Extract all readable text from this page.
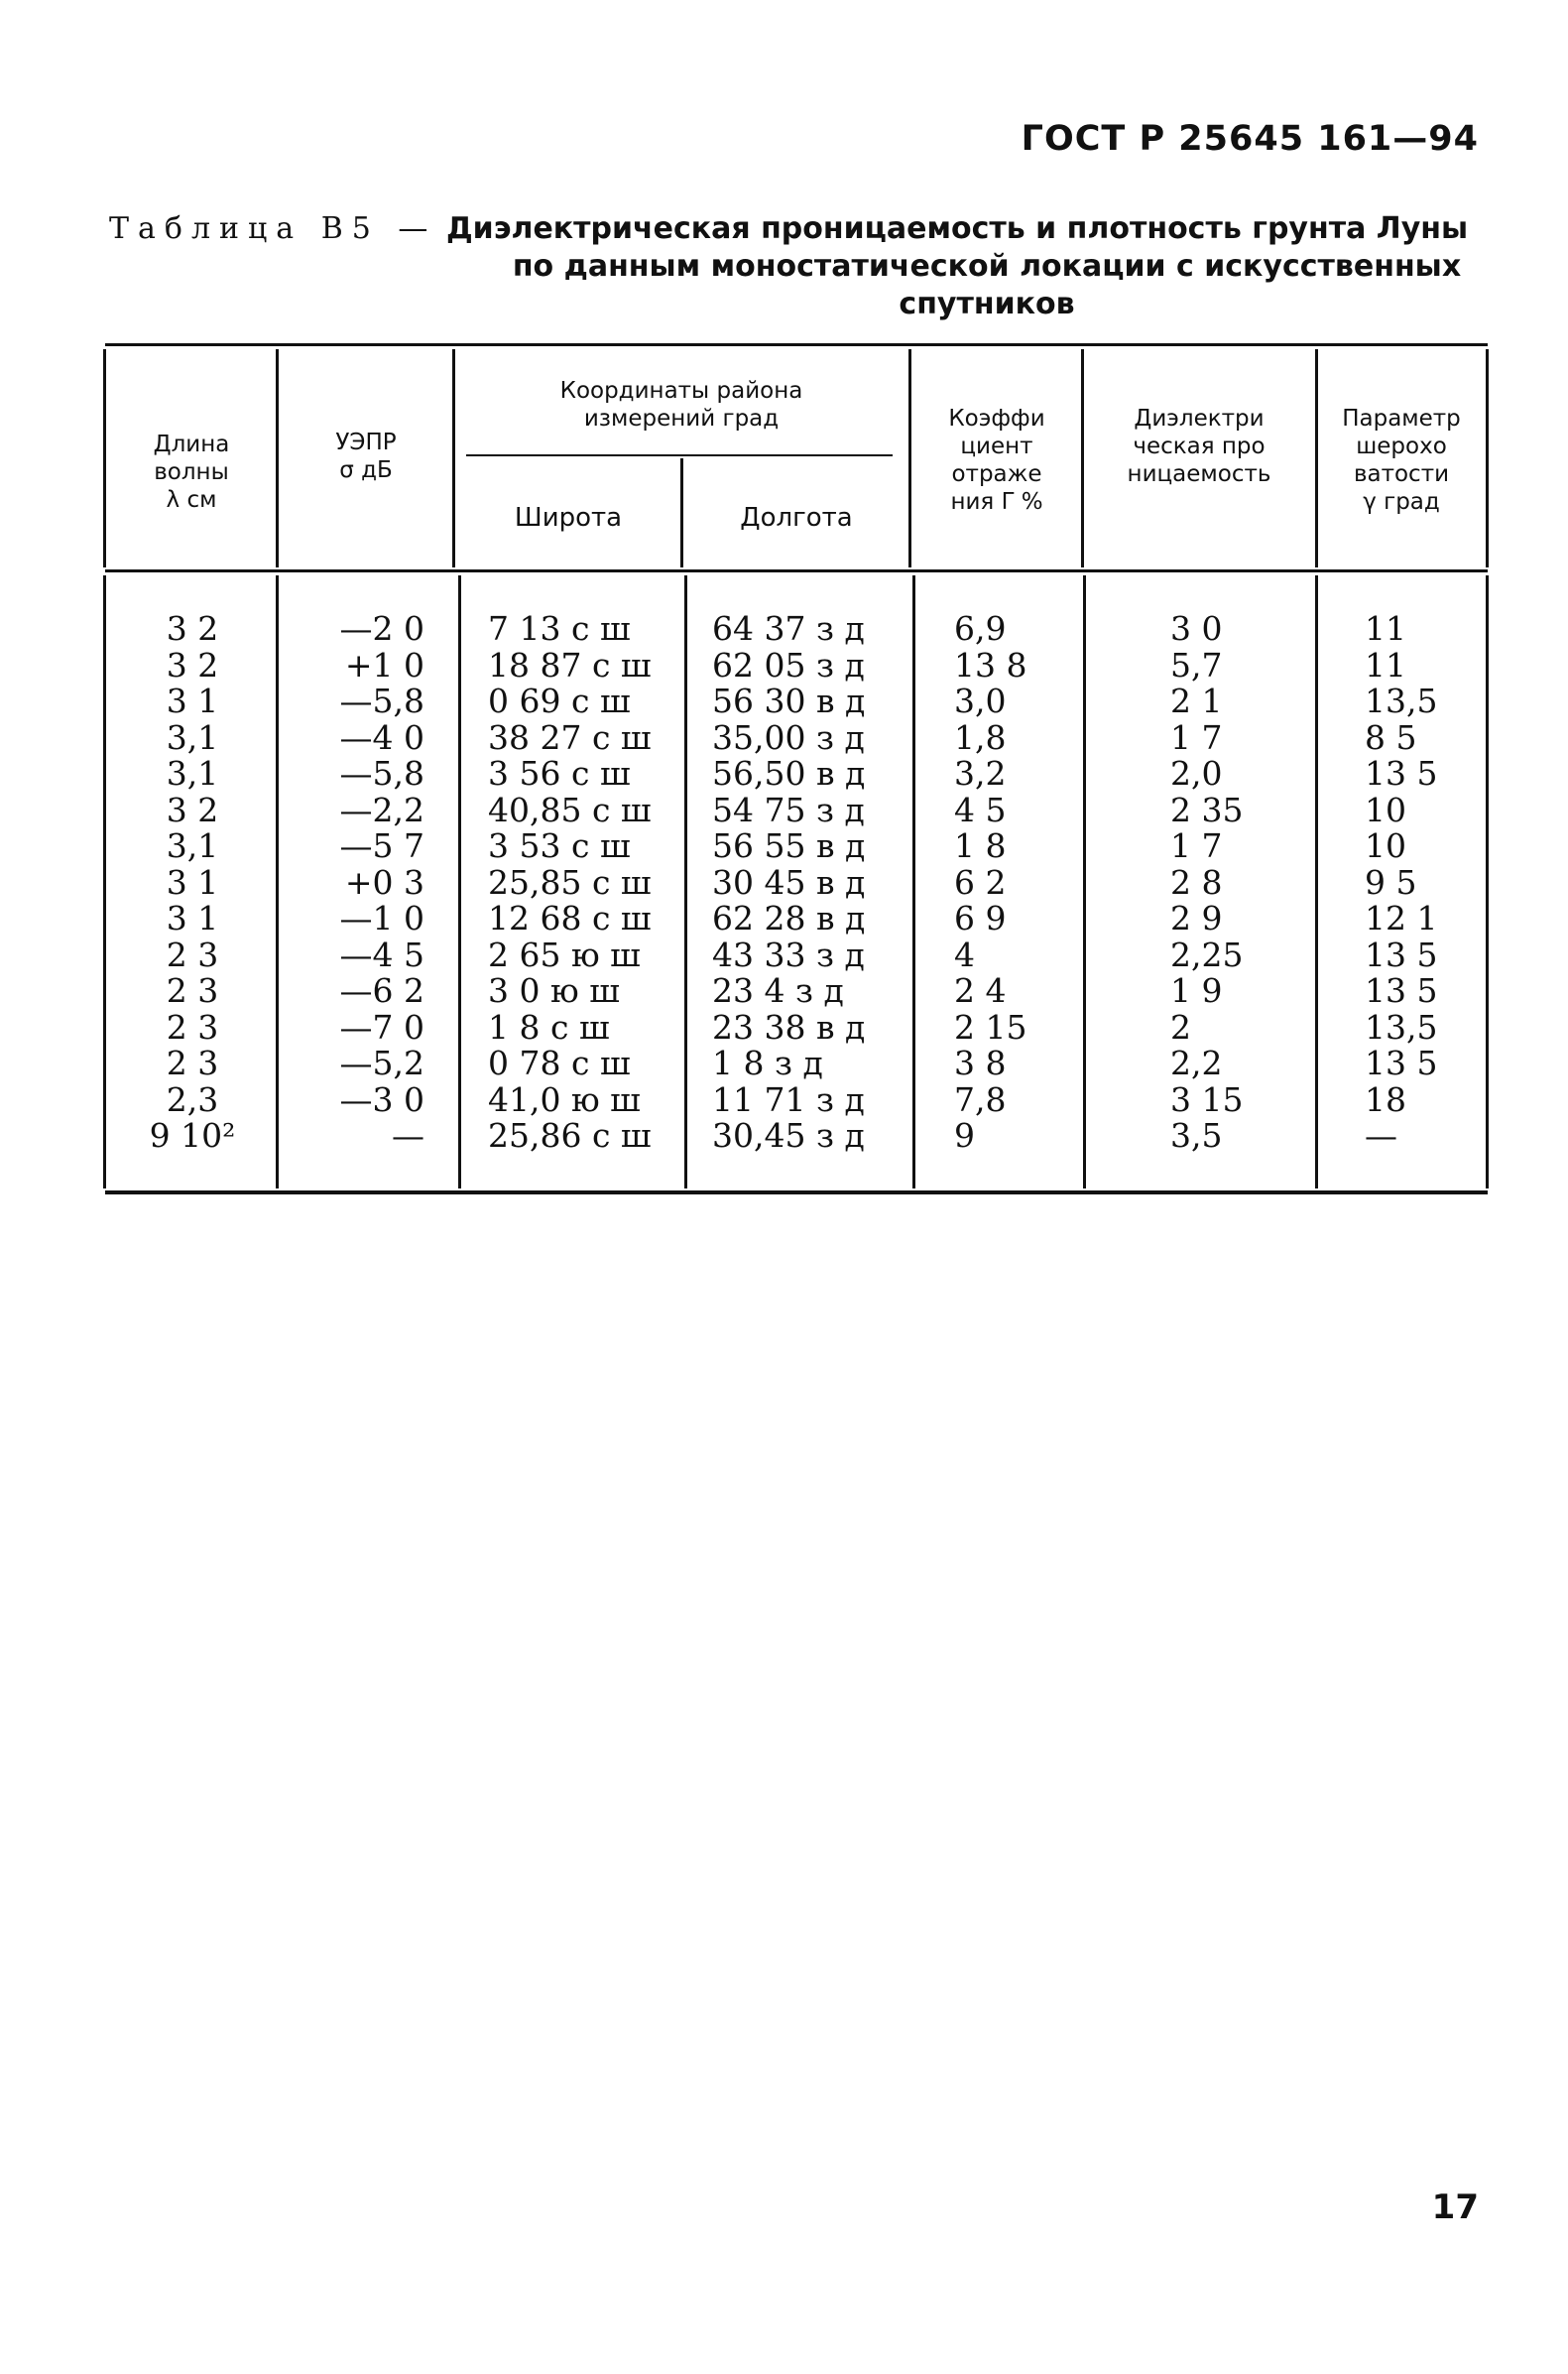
ГОСТ Р 25645 161—94
Таблица В5 — Диэлектрическая проницаемость и плотность грунта Луны
по данным моностатической локации с искусственных
спутников
Длина
волны
λ см
УЭПР
σ дБ
Координаты района
измерений град
Широта	Долгота
Коэффи
циент
отраже
ния Γ %
Диэлектри
ческая про
ницаемость
Параметр
шерохо
ватости
γ град
3 2
3 2
3 1
3,1
3,1
3 2
3,1
3 1
3 1
2 3
2 3
2 3
2 3
2,3
9 10²
—2 0
+1 0
—5,8
—4 0
—5,8
—2,2
—5 7
+0 3
—1 0
—4 5
—6 2
—7 0
—5,2
—3 0
—
7 13 с ш
18 87 с ш
0 69 с ш
38 27 с ш
3 56 с ш
40,85 с ш
3 53 с ш
25,85 с ш
12 68 с ш
2 65 ю ш
3 0 ю ш
1 8 с ш
0 78 с ш
41,0 ю ш
25,86 с ш
64 37 з д
62 05 з д
56 30 в д
35,00 з д
56,50 в д
54 75 з д
56 55 в д
30 45 в д
62 28 в д
43 33 з д
23 4 з д
23 38 в д
1 8 з д
11 71 з д
30,45 з д
6,9
13 8
3,0
1,8
3,2
4 5
1 8
6 2
6 9
4
2 4
2 15
3 8
7,8
9
3 0
5,7
2 1
1 7
2,0
2 35
1 7
2 8
2 9
2,25
1 9
2
2,2
3 15
3,5
11
11
13,5
8 5
13 5
10
10
9 5
12 1
13 5
13 5
13,5
13 5
18
—
17
